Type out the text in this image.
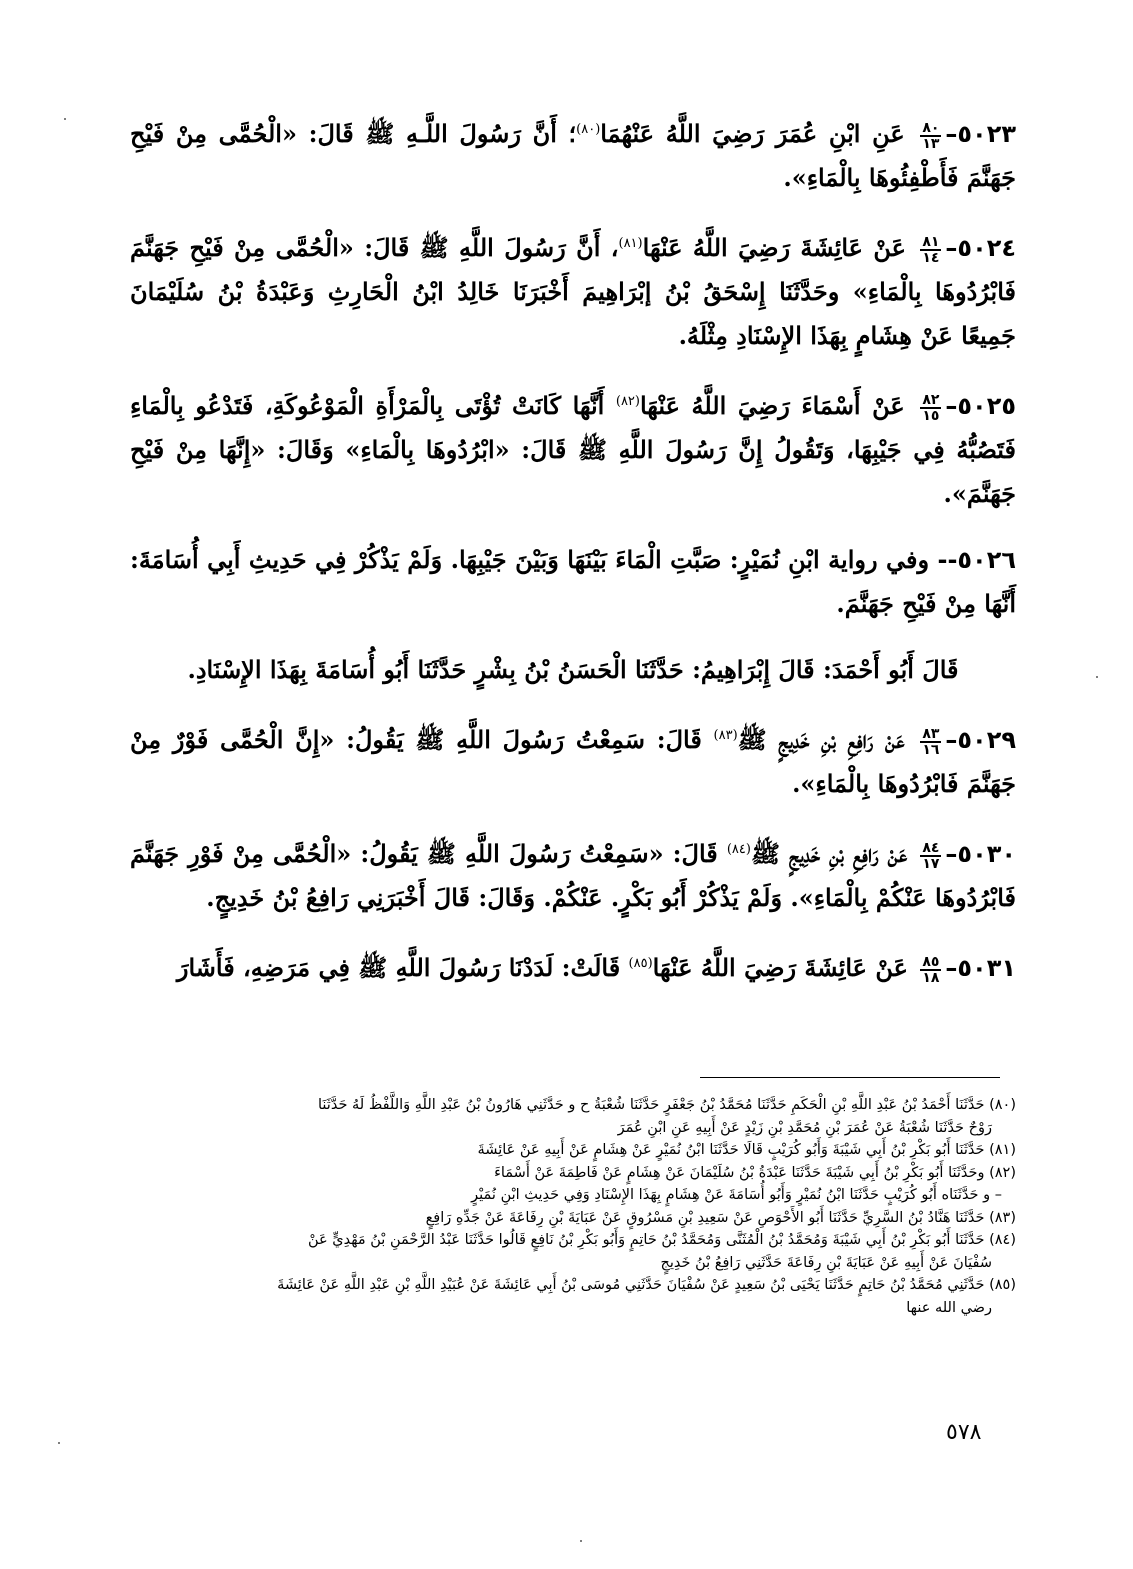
٥٠٢٣–
$\frac{٨٠}{١٣}$
عَنِ ابْنِ عُمَرَ رَضِيَ اللَّهُ عَنْهُمَا$^{(٨٠)}$؛ أَنَّ رَسُولَ اللَّـهِ ﷺ قَالَ: «الْحُمَّى مِنْ فَيْحِ جَهَنَّمَ فَأَطْفِئُوهَا بِالْمَاءِ».

٥٠٢٤–
$\frac{٨١}{١٤}$
عَنْ عَائِشَةَ رَضِيَ اللَّهُ عَنْهَا$^{(٨١)}$، أَنَّ رَسُولَ اللَّهِ ﷺ قَالَ: «الْحُمَّى مِنْ فَيْحِ جَهَنَّمَ فَابْرُدُوهَا بِالْمَاءِ» وحَدَّثَنَا إِسْحَقُ بْنُ إبْرَاهِيمَ أَخْبَرَنَا خَالِدُ ابْنُ الْحَارِثِ وَعَبْدَةُ بْنُ سُلَيْمَانَ جَمِيعًا عَنْ هِشَامٍ بِهَذَا الإِسْنَادِ مِثْلَهُ.

٥٠٢٥–
$\frac{٨٢}{١٥}$
عَنْ أَسْمَاءَ رَضِيَ اللَّهُ عَنْهَا$^{(٨٢)}$ أَنَّهَا كَانَتْ تُؤْتَى بِالْمَرْأَةِ الْمَوْعُوكَةِ، فَتَدْعُو بِالْمَاءِ فَتَصُبُّهُ فِي جَيْبِهَا، وَتَقُولُ إِنَّ رَسُولَ اللَّهِ ﷺ قَالَ: «ابْرُدُوهَا بِالْمَاءِ» وَقَالَ: «إِنَّهَا مِنْ فَيْحِ جَهَنَّمَ».

٥٠٢٦-- وفي رواية ابْنِ نُمَيْرٍ: صَبَّتِ الْمَاءَ بَيْنَهَا وَبَيْنَ جَيْبِهَا. وَلَمْ يَذْكُرْ فِي حَدِيثِ أَبِي أُسَامَةَ: أَنَّهَا مِنْ فَيْحِ جَهَنَّمَ.

قَالَ أَبُو أَحْمَدَ: قَالَ إِبْرَاهِيمُ: حَدَّثَنَا الْحَسَنُ بْنُ بِشْرٍ حَدَّثَنَا أَبُو أُسَامَةَ بِهَذَا الإِسْنَادِ.

٥٠٢٩–
$\frac{٨٣}{١٦}$
عَنْ رَافِعِ بْنِ خَدِيجٍ ﷺ$^{(٨٣)}$ قَالَ: سَمِعْتُ رَسُولَ اللَّهِ ﷺ يَقُولُ: «إِنَّ الْحُمَّى فَوْرٌ مِنْ جَهَنَّمَ فَابْرُدُوهَا بِالْمَاءِ».

٥٠٣٠–
$\frac{٨٤}{١٧}$
عَنْ رَافِعِ بْنِ خَدِيجٍ ﷺ$^{(٨٤)}$ قَالَ: «سَمِعْتُ رَسُولَ اللَّهِ ﷺ يَقُولُ: «الْحُمَّى مِنْ فَوْرِ جَهَنَّمَ فَابْرُدُوهَا عَنْكُمْ بِالْمَاءِ». وَلَمْ يَذْكُرْ أَبُو بَكْرٍ. عَنْكُمْ. وَقَالَ: قَالَ أَخْبَرَنِي رَافِعُ بْنُ خَدِيجٍ.

٥٠٣١–
$\frac{٨٥}{١٨}$
عَنْ عَائِشَةَ رَضِيَ اللَّهُ عَنْهَا$^{(٨٥)}$ قَالَتْ: لَدَدْنَا رَسُولَ اللَّهِ ﷺ فِي مَرَضِهِ، فَأَشَارَ

(٨٠) حَدَّثَنَا أَحْمَدُ بْنُ عَبْدِ اللَّهِ بْنِ الْحَكَمِ حَدَّثَنَا مُحَمَّدُ بْنُ جَعْفَرٍ حَدَّثَنَا شُعْبَةُ ح و حَدَّثَنِي هَارُونُ بْنُ عَبْدِ اللَّهِ وَاللَّفْظُ لَهُ حَدَّثَنَا

رَوْحٌ حَدَّثَنَا شُعْبَةُ عَنْ عُمَرَ بْنِ مُحَمَّدِ بْنِ زَيْدٍ عَنْ أَبِيهِ عَنِ ابْنِ عُمَرَ

(٨١) حَدَّثَنَا أَبُو بَكْرِ بْنُ أَبِي شَيْبَةَ وَأَبُو كُرَيْبٍ قَالَا حَدَّثَنَا ابْنُ نُمَيْرٍ عَنْ هِشَامٍ عَنْ أَبِيهِ عَنْ عَائِشَةَ

(٨٢) وحَدَّثَنَا أَبُو بَكْرِ بْنُ أَبِي شَيْبَةَ حَدَّثَنَا عَبْدَةُ بْنُ سُلَيْمَانَ عَنْ هِشَامٍ عَنْ فَاطِمَةَ عَنْ أَسْمَاءَ

– و حَدَّثَنَاه أَبُو كُرَيْبٍ حَدَّثَنَا ابْنُ نُمَيْرٍ وَأَبُو أُسَامَةَ عَنْ هِشَامٍ بِهَذَا الإِسْنَادِ وَفِي حَدِيثِ ابْنِ نُمَيْرٍ

(٨٣) حَدَّثَنَا هَنَّادُ بْنُ السَّرِيِّ حَدَّثَنَا أَبُو الأَحْوَصِ عَنْ سَعِيدِ بْنِ مَسْرُوقٍ عَنْ عَبَايَةَ بْنِ رِفَاعَةَ عَنْ جَدِّهِ رَافِعٍ

(٨٤) حَدَّثَنَا أَبُو بَكْرِ بْنُ أَبِي شَيْبَةَ وَمُحَمَّدُ بْنُ الْمُثَنَّى وَمُحَمَّدُ بْنُ حَاتِمٍ وَأَبُو بَكْرِ بْنُ نَافِعٍ قَالُوا حَدَّثَنَا عَبْدُ الرَّحْمَنِ بْنُ مَهْدِيٍّ عَنْ

سُفْيَانَ عَنْ أَبِيهِ عَنْ عَبَايَةَ بْنِ رِفَاعَةَ حَدَّثَنِي رَافِعُ بْنُ خَدِيجٍ

(٨٥) حَدَّثَنِي مُحَمَّدُ بْنُ حَاتِمٍ حَدَّثَنَا يَحْيَى بْنُ سَعِيدٍ عَنْ سُفْيَانَ حَدَّثَنِي مُوسَى بْنُ أَبِي عَائِشَةَ عَنْ عُبَيْدِ اللَّهِ بْنِ عَبْدِ اللَّهِ عَنْ عَائِشَةَ

رضي الله عنها

٥٧٨
